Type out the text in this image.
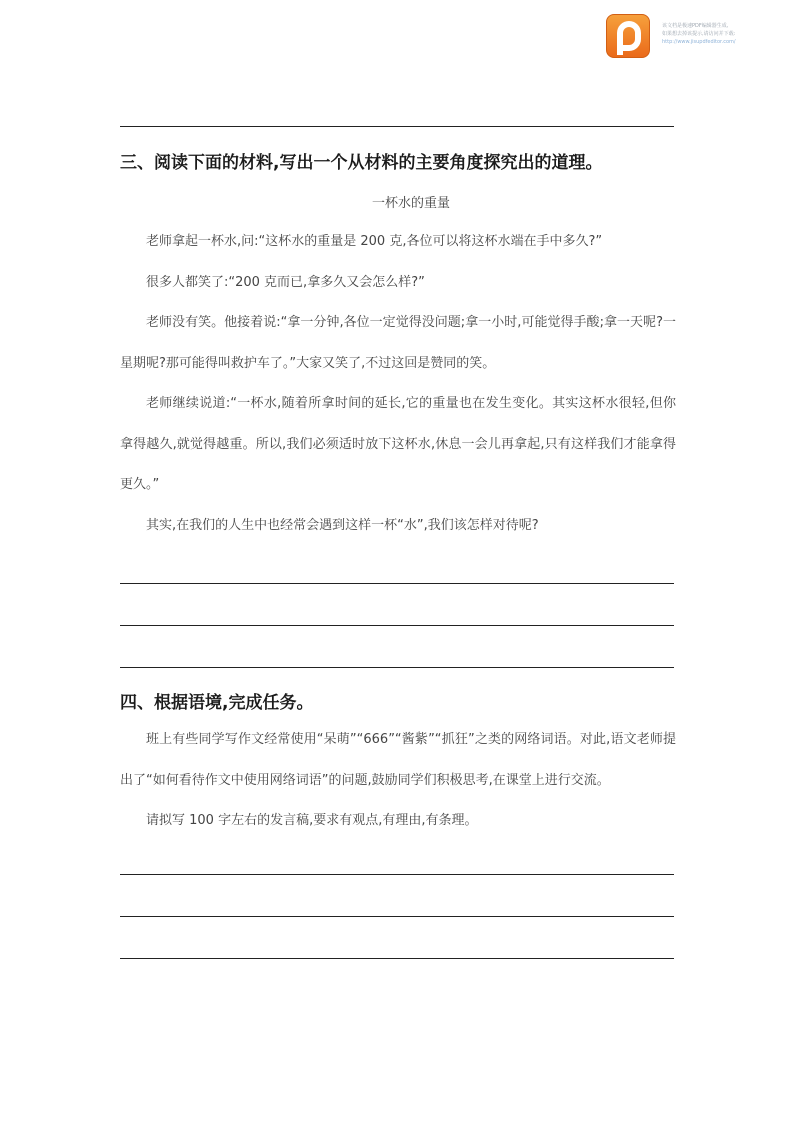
该文档是极速PDF编辑器生成,
如果想去掉该提示,请访问并下载:
http://www.jisupdfeditor.com/
三、阅读下面的材料,写出一个从材料的主要角度探究出的道理。
一杯水的重量

老师拿起一杯水,问:“这杯水的重量是 200 克,各位可以将这杯水端在手中多久?”

很多人都笑了:“200 克而已,拿多久又会怎么样?”

老师没有笑。他接着说:“拿一分钟,各位一定觉得没问题;拿一小时,可能觉得手酸;拿一天呢?一星期呢?那可能得叫救护车了。”大家又笑了,不过这回是赞同的笑。

老师继续说道:“一杯水,随着所拿时间的延长,它的重量也在发生变化。其实这杯水很轻,但你拿得越久,就觉得越重。所以,我们必须适时放下这杯水,休息一会儿再拿起,只有这样我们才能拿得更久。”

其实,在我们的人生中也经常会遇到这样一杯“水”,我们该怎样对待呢?

四、根据语境,完成任务。

班上有些同学写作文经常使用“呆萌”“666”“酱紫”“抓狂”之类的网络词语。对此,语文老师提出了“如何看待作文中使用网络词语”的问题,鼓励同学们积极思考,在课堂上进行交流。

请拟写 100 字左右的发言稿,要求有观点,有理由,有条理。
